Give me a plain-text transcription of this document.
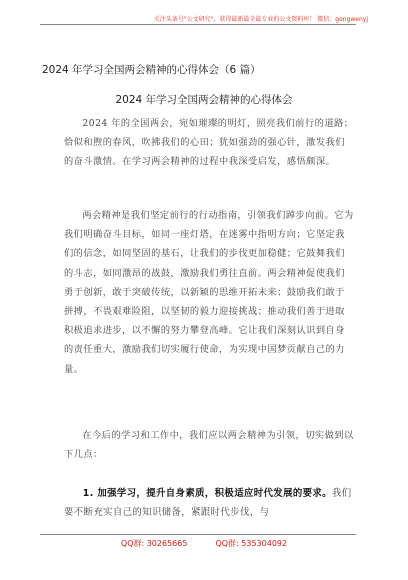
关注头条号"公文研究"，获得最新最全最专业的公文资料库！ 微信：gongwenyj
2024 年学习全国两会精神的心得体会（6 篇）
2024 年学习全国两会精神的心得体会

2024 年的全国两会，宛如璀璨的明灯，照亮我们前行的道路；恰似和煦的春风，吹拂我们的心田；犹如强劲的强心针，激发我们的奋斗激情。在学习两会精神的过程中我深受启发，感悟颇深。

两会精神是我们坚定前行的行动指南，引领我们踔步向前。它为我们明确奋斗目标，如同一座灯塔，在迷雾中指明方向；它坚定我们的信念，如同坚固的基石，让我们的步伐更加稳健；它鼓舞我们的斗志，如同激昂的战鼓，激励我们勇往直前。两会精神促使我们勇于创新，敢于突破传统，以新颖的思维开拓未来；鼓励我们敢于拼搏，不畏艰难险阻，以坚韧的毅力迎接挑战；推动我们善于进取积极追求进步，以不懈的努力攀登高峰。它让我们深刻认识到自身的责任重大，激励我们切实履行使命，为实现中国梦贡献自己的力量。

在今后的学习和工作中，我们应以两会精神为引领，切实做到以下几点：

1. 加强学习，提升自身素质，积极适应时代发展的要求。我们要不断充实自己的知识储备，紧跟时代步伐，与

QQ群: 30265665	QQ群: 535304092
